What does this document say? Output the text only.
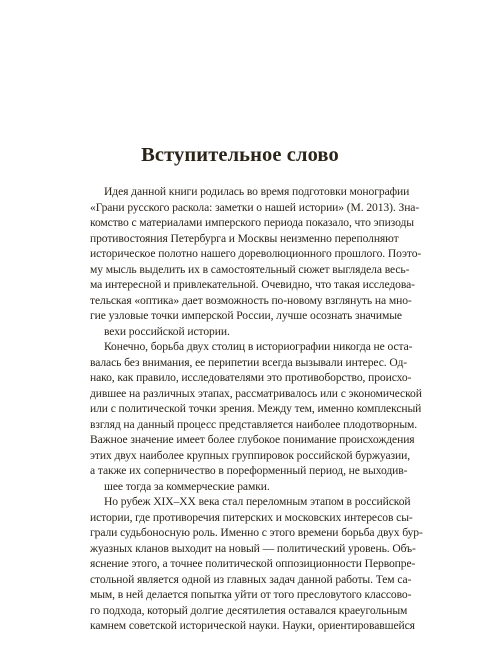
Вступительное слово
Идея данной книги родилась во время подготовки монографии
«Грани русского раскола: заметки о нашей истории» (М. 2013). Зна-
комство с материалами имперского периода показало, что эпизоды
противостояния Петербурга и Москвы неизменно переполняют
историческое полотно нашего дореволюционного прошлого. Поэто-
му мысль выделить их в самостоятельный сюжет выглядела весь-
ма интересной и привлекательной. Очевидно, что такая исследова-
тельская «оптика» дает возможность по-новому взглянуть на мно-
гие узловые точки имперской России, лучше осознать значимые
вехи российской истории.
Конечно, борьба двух столиц в историографии никогда не оста-
валась без внимания, ее перипетии всегда вызывали интерес. Од-
нако, как правило, исследователями это противоборство, происхо-
дившее на различных этапах, рассматривалось или с экономической
или с политической точки зрения. Между тем, именно комплексный
взгляд на данный процесс представляется наиболее плодотворным.
Важное значение имеет более глубокое понимание происхождения
этих двух наиболее крупных группировок российской буржуазии,
а также их соперничество в пореформенный период, не выходив-
шее тогда за коммерческие рамки.
Но рубеж XIX–XX века стал переломным этапом в российской
истории, где противоречия питерских и московских интересов сы-
грали судьбоносную роль. Именно с этого времени борьба двух бур-
жуазных кланов выходит на новый — политический уровень. Объ-
яснение этого, а точнее политической оппозиционности Первопре-
стольной является одной из главных задач данной работы. Тем са-
мым, в ней делается попытка уйти от того пресловутого классово-
го подхода, который долгие десятилетия оставался краеугольным
камнем советской исторической науки. Науки, ориентировавшейся
